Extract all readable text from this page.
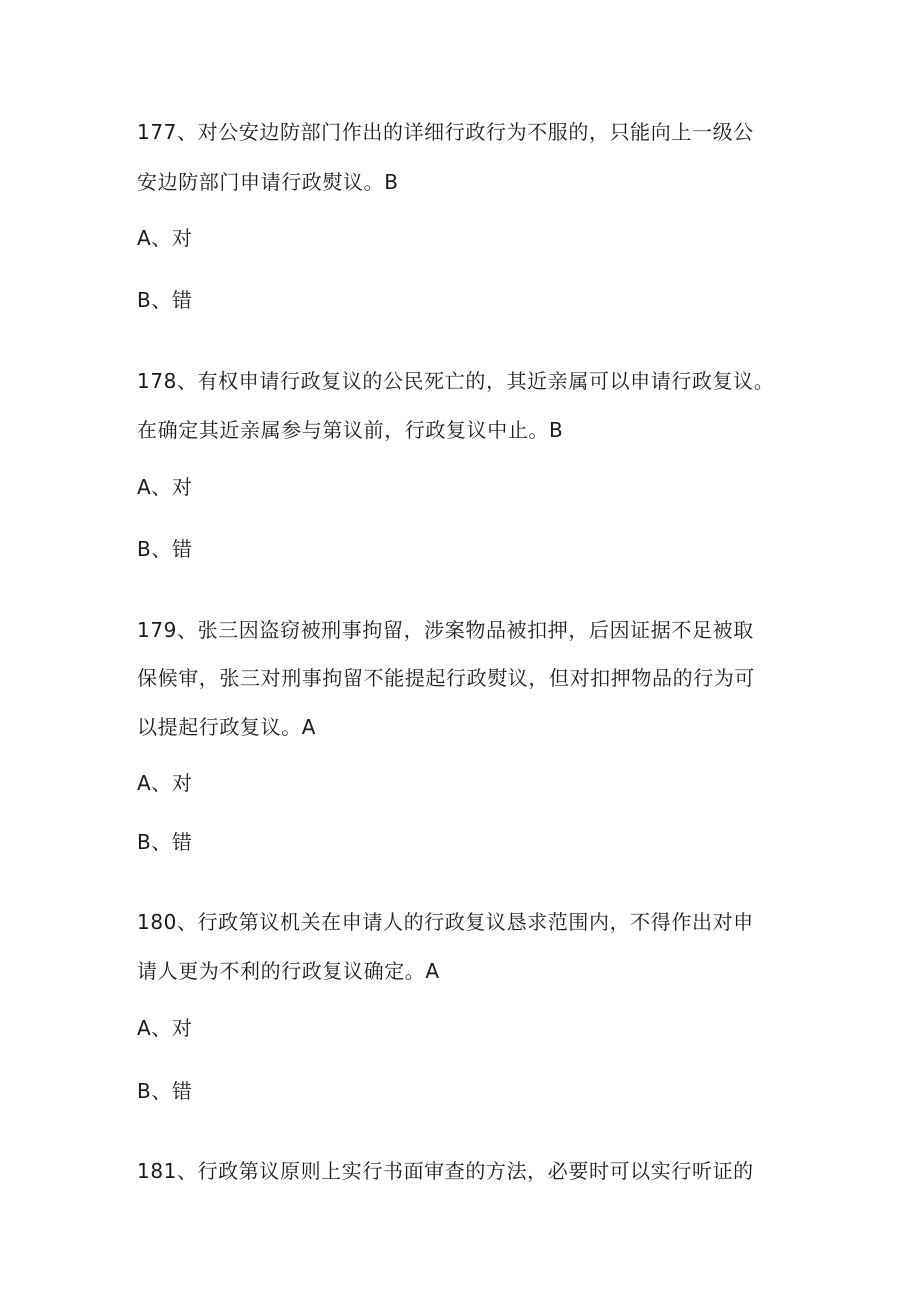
177、对公安边防部门作出的详细行政行为不服的，只能向上一级公
安边防部门申请行政熨议。B
A、对
B、错
178、有权申请行政复议的公民死亡的，其近亲属可以申请行政复议。
在确定其近亲属参与第议前，行政复议中止。B
A、对
B、错
179、张三因盗窃被刑事拘留，涉案物品被扣押，后因证据不足被取
保候审，张三对刑事拘留不能提起行政熨议，但对扣押物品的行为可
以提起行政复议。A
A、对
B、错
180、行政第议机关在申请人的行政复议恳求范围内，不得作出对申
请人更为不利的行政复议确定。A
A、对
B、错
181、行政第议原则上实行书面审查的方法，必要时可以实行听证的
